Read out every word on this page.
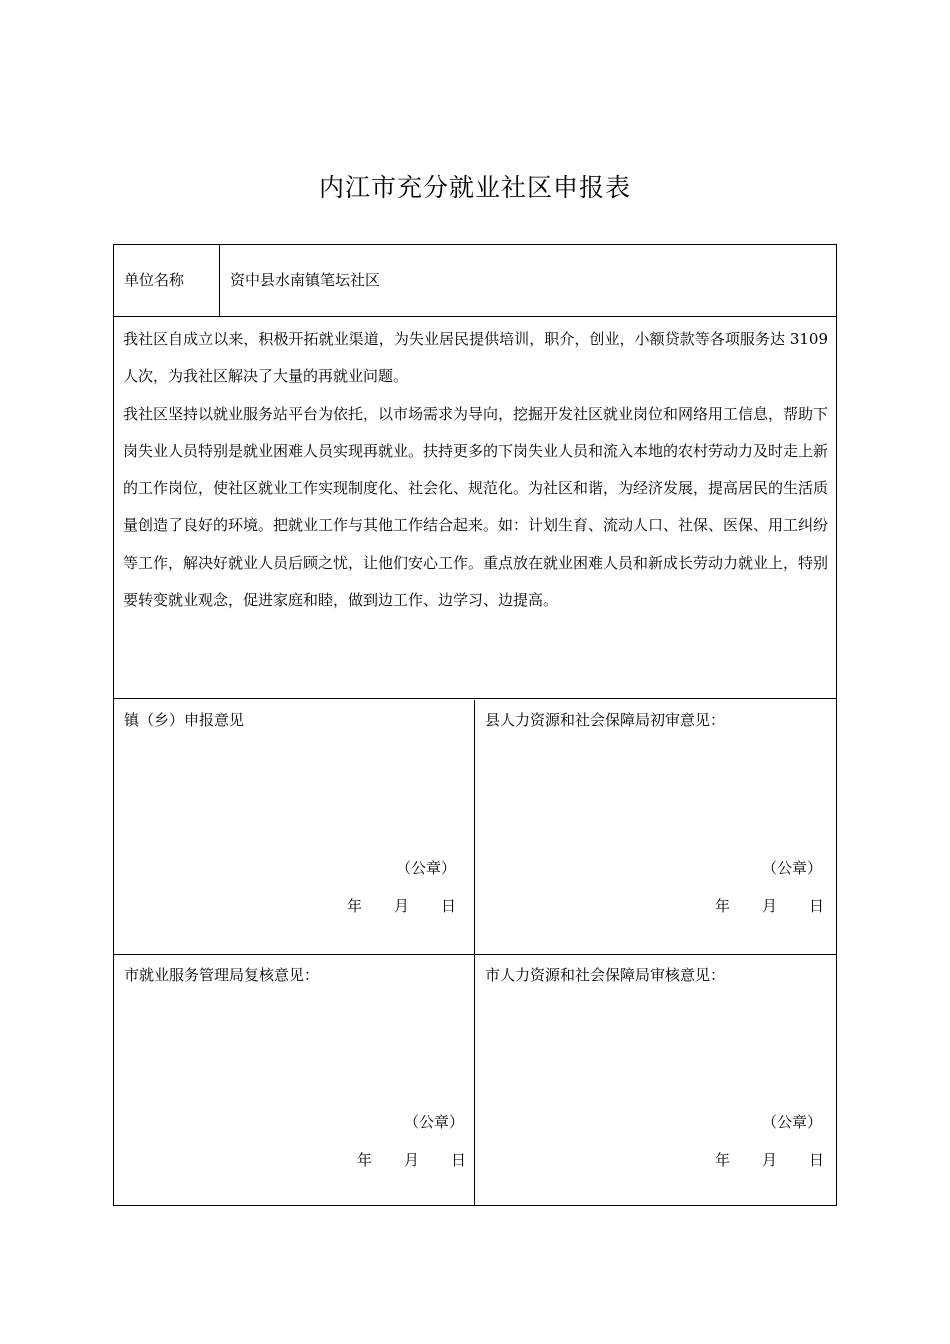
内江市充分就业社区申报表
单位名称	资中县水南镇笔坛社区

我社区自成立以来，积极开拓就业渠道，为失业居民提供培训，职介，创业，小额贷款等各项服务达 3109 人次，为我社区解决了大量的再就业问题。

我社区坚持以就业服务站平台为依托，以市场需求为导向，挖掘开发社区就业岗位和网络用工信息，帮助下岗失业人员特别是就业困难人员实现再就业。扶持更多的下岗失业人员和流入本地的农村劳动力及时走上新的工作岗位，使社区就业工作实现制度化、社会化、规范化。为社区和谐，为经济发展，提高居民的生活质量创造了良好的环境。把就业工作与其他工作结合起来。如：计划生育、流动人口、社保、医保、用工纠纷等工作，解决好就业人员后顾之忧，让他们安心工作。重点放在就业困难人员和新成长劳动力就业上，特别要转变就业观念，促进家庭和睦，做到边工作、边学习、边提高。

镇（乡）申报意见
（公章）
年 月 日
县人力资源和社会保障局初审意见：
（公章）
年 月 日
市就业服务管理局复核意见：
（公章）
年 月 日
市人力资源和社会保障局审核意见：
（公章）
年 月 日
